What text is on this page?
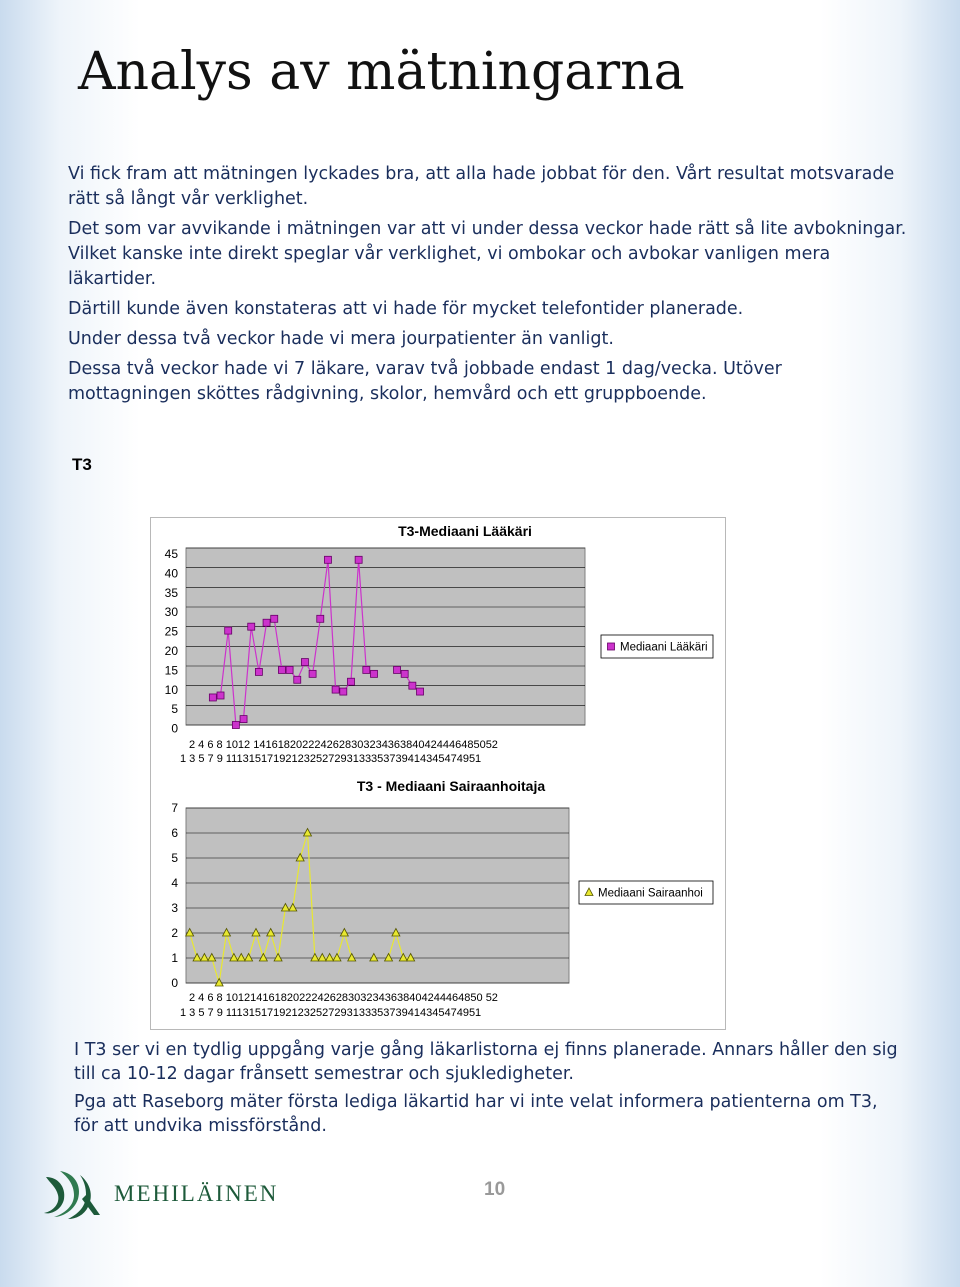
Analys av mätningarna

Vi fick fram att mätningen lyckades bra, att alla hade jobbat för den. Vårt resultat motsvarade rätt så långt vår verklighet.

Det som var avvikande i mätningen var att vi under dessa veckor hade rätt så lite avbokningar. Vilket kanske inte direkt speglar vår verklighet, vi ombokar och avbokar vanligen mera läkartider.

Därtill kunde även konstateras att vi hade för mycket telefontider planerade.

Under dessa två veckor hade vi mera jourpatienter än vanligt.

Dessa två veckor hade vi 7 läkare, varav två jobbade endast 1 dag/vecka. Utöver mottagningen sköttes rådgivning, skolor, hemvård och ett gruppboende.

T3
T3-Mediaani Lääkäri
45
40
35
30
25
20
15
10
5
0
2 4 6 8 1012 1416182022242628303234363840424446485052
1 3 5 7 9 111315171921232527293133353739414345474951
Mediaani Lääkäri
T3 - Mediaani Sairaanhoitaja
7
6
5
4
3
2
1
0
2 4 6 8 101214161820222426283032343638404244464850 52
1 3 5 7 9 111315171921232527293133353739414345474951
Mediaani Sairaanhoi

I T3 ser vi en tydlig uppgång varje gång läkarlistorna ej finns planerade. Annars håller den sig till ca 10-12 dagar frånsett semestrar och sjukledigheter.

Pga att Raseborg mäter första lediga läkartid har vi inte velat informera patienterna om T3, för att undvika missförstånd.

MEHILÄINEN	10
